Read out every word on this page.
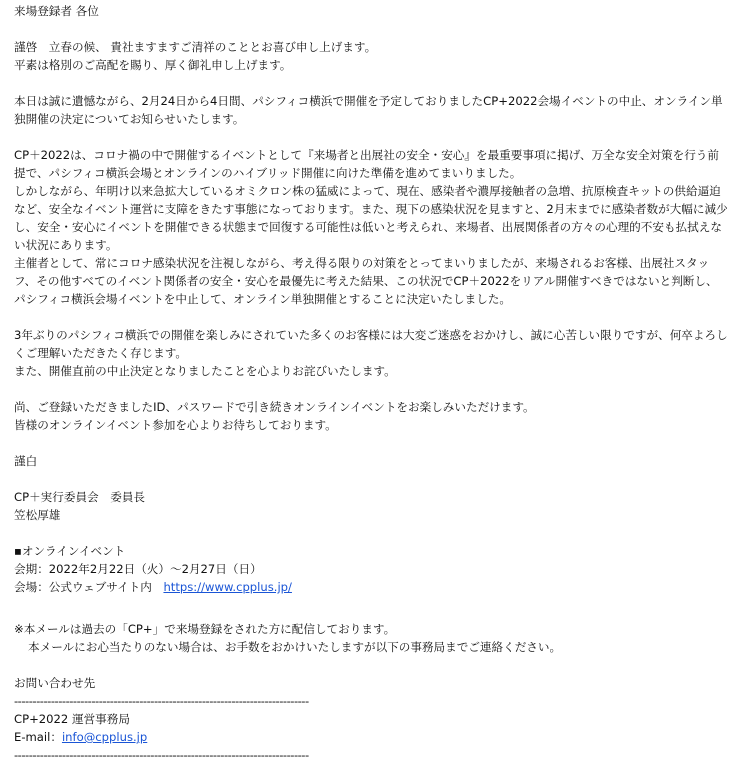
来場登録者 各位
謹啓　立春の候、 貴社ますますご清祥のこととお喜び申し上げます。
平素は格別のご高配を賜り、厚く御礼申し上げます。
本日は誠に遺憾ながら、2月24日から4日間、パシフィコ横浜で開催を予定しておりましたCP+2022会場イベントの中止、オンライン単独開催の決定についてお知らせいたします。
CP＋2022は、コロナ禍の中で開催するイベントとして『来場者と出展社の安全・安心』を最重要事項に掲げ、万全な安全対策を行う前提で、パシフィコ横浜会場とオンラインのハイブリッド開催に向けた準備を進めてまいりました。
しかしながら、年明け以来急拡大しているオミクロン株の猛威によって、現在、感染者や濃厚接触者の急増、抗原検査キットの供給逼迫など、安全なイベント運営に支障をきたす事態になっております。また、現下の感染状況を見ますと、2月末までに感染者数が大幅に減少し、安全・安心にイベントを開催できる状態まで回復する可能性は低いと考えられ、来場者、出展関係者の方々の心理的不安も払拭えない状況にあります。
主催者として、常にコロナ感染状況を注視しながら、考え得る限りの対策をとってまいりましたが、来場されるお客様、出展社スタッフ、その他すべてのイベント関係者の安全・安心を最優先に考えた結果、この状況でCP＋2022をリアル開催すべきではないと判断し、パシフィコ横浜会場イベントを中止して、オンライン単独開催とすることに決定いたしました。
3年ぶりのパシフィコ横浜での開催を楽しみにされていた多くのお客様には大変ご迷惑をおかけし、誠に心苦しい限りですが、何卒よろしくご理解いただきたく存じます。
また、開催直前の中止決定となりましたことを心よりお詫びいたします。
尚、ご登録いただきましたID、パスワードで引き続きオンラインイベントをお楽しみいただけます。
皆様のオンラインイベント参加を心よりお待ちしております。
謹白
CP＋実行委員会　委員長
笠松厚雄
▪オンラインイベント
会期：2022年2月22日（火）〜2月27日（日）
会場：公式ウェブサイト内　https://www.cpplus.jp/
※本メールは過去の「CP+」で来場登録をされた方に配信しております。
本メールにお心当たりのない場合は、お手数をおかけいたしますが以下の事務局までご連絡ください。
お問い合わせ先
--------------------------------------------------------------------------------
CP+2022 運営事務局
E-mail：info@cpplus.jp
--------------------------------------------------------------------------------
